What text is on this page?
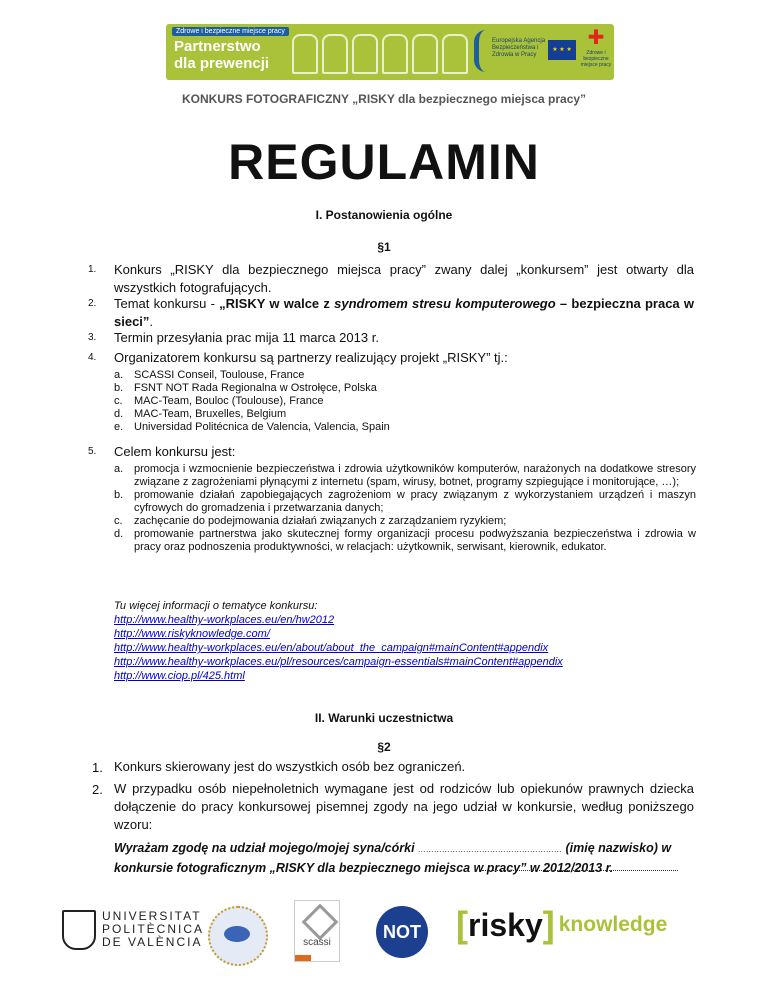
Zdrowe i bezpieczne miejsce pracy
Partnerstwo dla prewencji
Europejska Agencja Bezpieczeństwa i Zdrowia w Pracy
★ ★ ★
✚
Zdrowe i bezpieczne miejsce pracy
KONKURS FOTOGRAFICZNY „RISKY dla bezpiecznego miejsca pracy”
REGULAMIN
I. Postanowienia ogólne
§1
1. Konkurs „RISKY dla bezpiecznego miejsca pracy” zwany dalej „konkursem” jest otwarty dla wszystkich fotografujących.
2. Temat konkursu - „RISKY w walce z syndromem stresu komputerowego – bezpieczna praca w sieci”.
3. Termin przesyłania prac mija 11 marca 2013 r.
4. Organizatorem konkursu są partnerzy realizujący projekt „RISKY” tj.:
a. SCASSI Conseil, Toulouse, France
b. FSNT NOT Rada Regionalna w Ostrołęce, Polska
c.	MAC-Team, Bouloc (Toulouse), France
d. MAC-Team, Bruxelles, Belgium
e. Universidad Politécnica de Valencia, Valencia, Spain
5. Celem konkursu jest:
a. promocja i wzmocnienie bezpieczeństwa i zdrowia użytkowników komputerów, narażonych na dodatkowe stresory związane z zagrożeniami płynącymi z internetu (spam, wirusy, botnet, programy szpiegujące i monitorujące, …);
b. promowanie działań zapobiegających zagrożeniom w pracy związanym z wykorzystaniem urządzeń i maszyn cyfrowych do gromadzenia i przetwarzania danych;
c.	zachęcanie do podejmowania działań związanych z zarządzaniem ryzykiem;
d. promowanie partnerstwa jako skutecznej formy organizacji procesu podwyższania bezpieczeństwa i zdrowia w pracy oraz podnoszenia produktywności, w relacjach: użytkownik, serwisant, kierownik, edukator.
Tu więcej informacji o tematyce konkursu:
http://www.healthy-workplaces.eu/en/hw2012
http://www.riskyknowledge.com/
http://www.healthy-workplaces.eu/en/about/about_the_campaign#mainContent#appendix
http://www.healthy-workplaces.eu/pl/resources/campaign-essentials#mainContent#appendix
http://www.ciop.pl/425.html
II. Warunki uczestnictwa
§2
1. Konkurs skierowany jest do wszystkich osób bez ograniczeń.
2. W przypadku osób niepełnoletnich wymagane jest od rodziców lub opiekunów prawnych dziecka dołączenie do pracy konkursowej pisemnej zgody na jego udział w konkursie, według poniższego wzoru:
Wyrażam zgodę na udział mojego/mojej syna/córki ……………………………………………… (imię nazwisko) w konkursie fotograficznym „RISKY dla bezpiecznego miejsca w pracy” w 2012/2013 r.
UNIVERSITAT POLITÈCNICA DE VALÈNCIA	scassi
NOT [ risky ] knowledge
